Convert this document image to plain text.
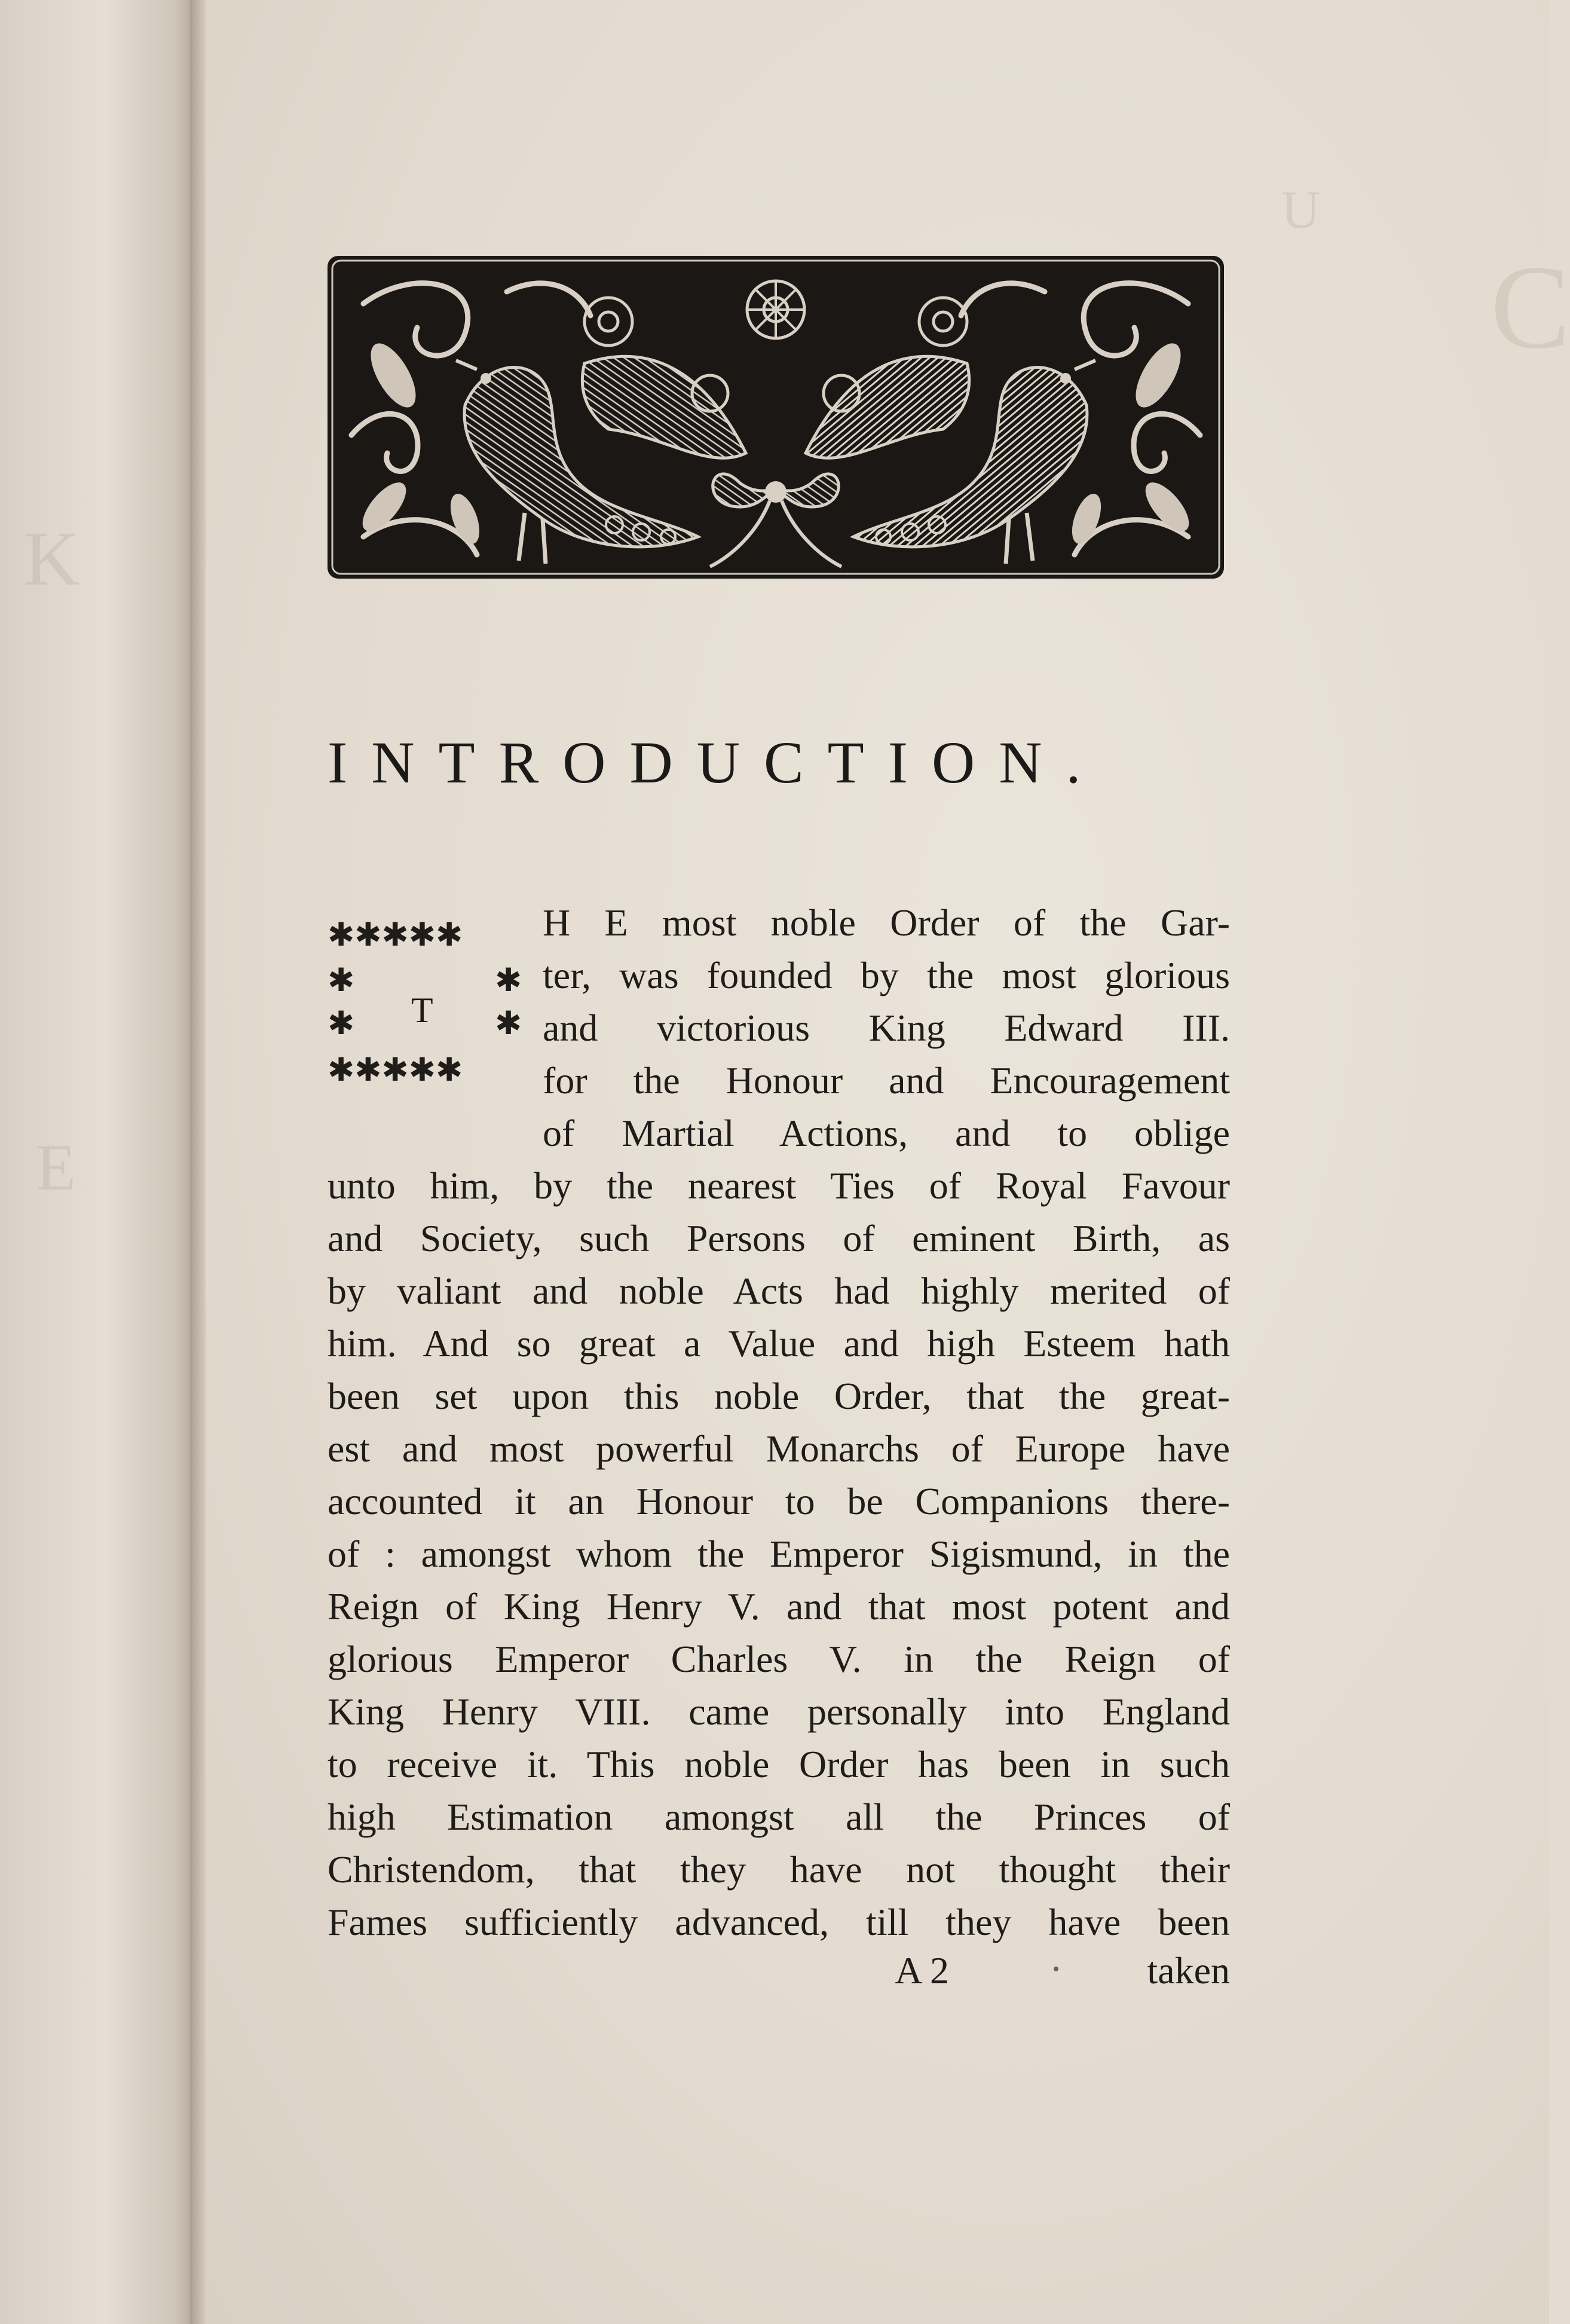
K
E
U
C
INTRODUCTION.
✱✱✱✱✱
✱	✱
✱	✱
✱✱✱✱✱
T
H E most noble Order of the Gar-
ter, was founded by the most glorious
and victorious King Edward III.
for the Honour and Encouragement
of Martial Actions, and to oblige
unto him, by the nearest Ties of Royal Favour
and Society, such Persons of eminent Birth, as
by valiant and noble Acts had highly merited of
him. And so great a Value and high Esteem hath
been set upon this noble Order, that the great-
est and most powerful Monarchs of Europe have
accounted it an Honour to be Companions there-
of : amongst whom the Emperor Sigismund, in the
Reign of King Henry V. and that most potent and
glorious Emperor Charles V. in the Reign of
King Henry VIII. came personally into England
to receive it. This noble Order has been in such
high Estimation amongst all the Princes of
Christendom, that they have not thought their
Fames sufficiently advanced, till they have been
A 2	taken
